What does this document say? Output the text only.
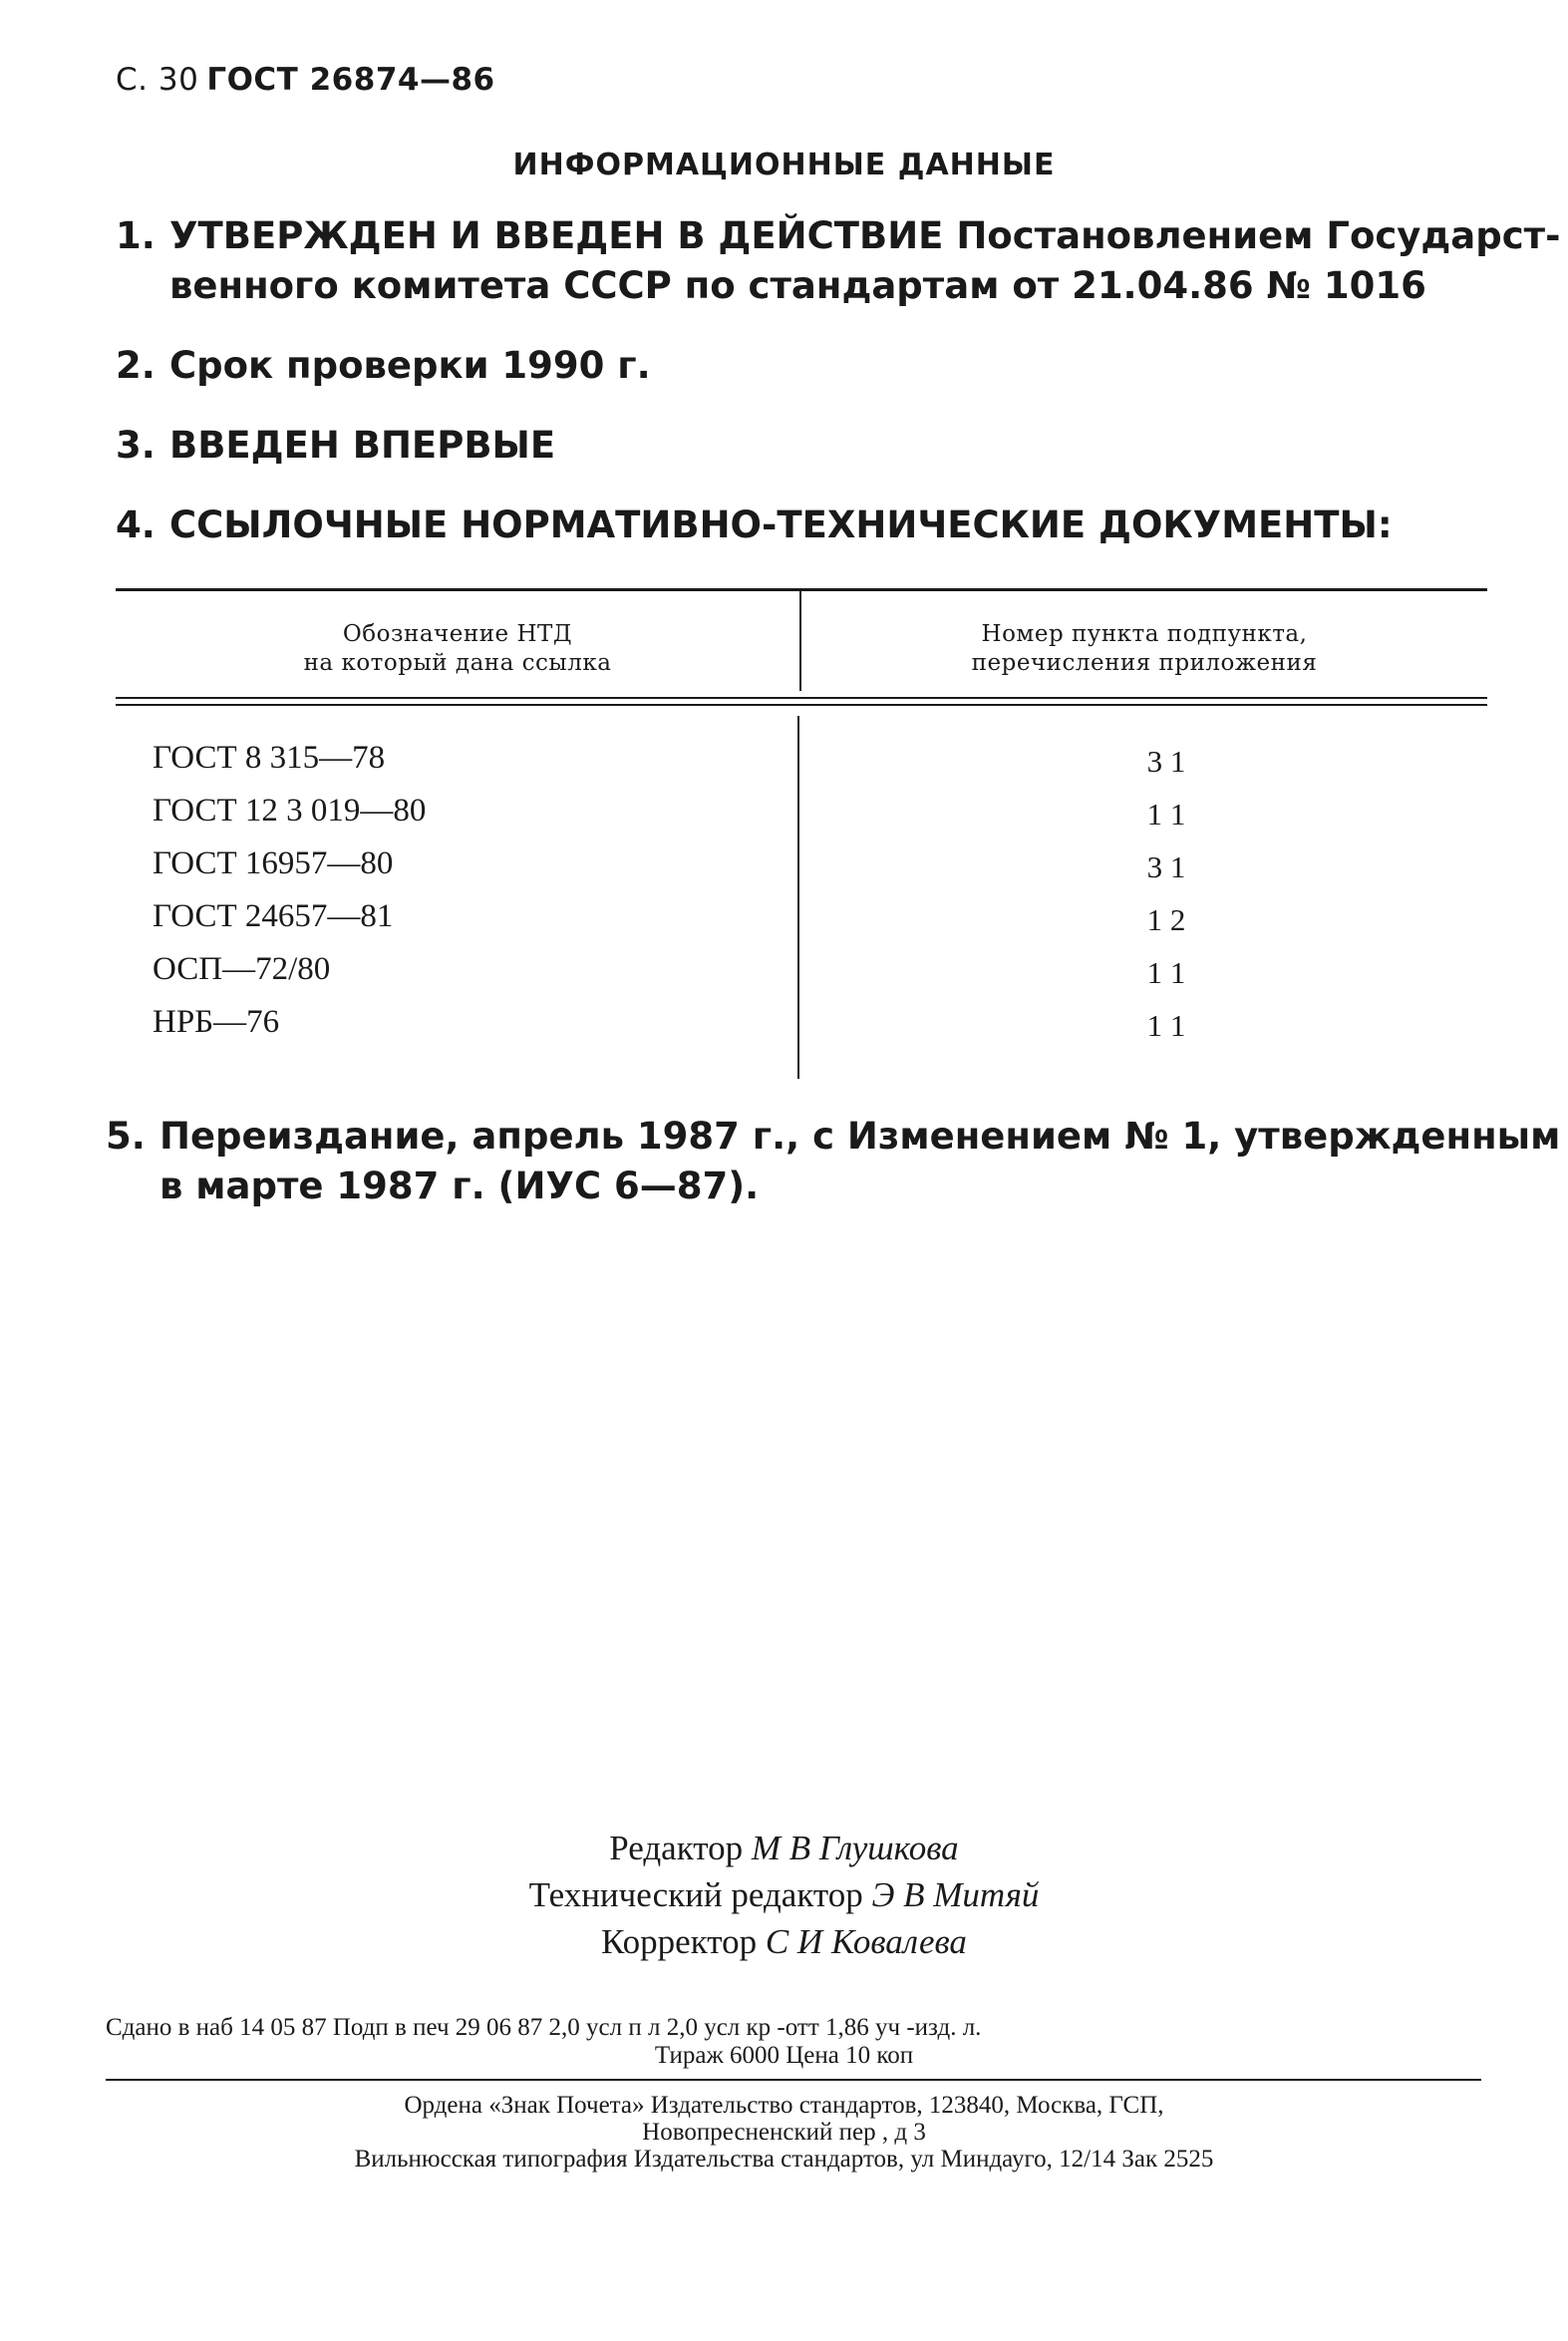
С. 30 ГОСТ 26874—86
ИНФОРМАЦИОННЫЕ ДАННЫЕ
1. УТВЕРЖДЕН И ВВЕДЕН В ДЕЙСТВИЕ Постановлением Государст-
венного комитета СССР по стандартам от 21.04.86 № 1016
2. Срок проверки 1990 г.
3. ВВЕДЕН ВПЕРВЫЕ
4. ССЫЛОЧНЫЕ НОРМАТИВНО-ТЕХНИЧЕСКИЕ ДОКУМЕНТЫ:
Обозначение НТД
на который дана ссылка
Номер пункта подпункта,
перечисления приложения
ГОСТ 8 315—78
ГОСТ 12 3 019—80
ГОСТ 16957—80
ГОСТ 24657—81
ОСП—72/80
НРБ—76
3 1
1 1
3 1
1 2
1 1
1 1
5. Переиздание, апрель 1987 г., с Изменением № 1, утвержденным
в марте 1987 г. (ИУС 6—87).
Редактор М В Глушкова
Технический редактор Э В Митяй
Корректор С И Ковалева
Сдано в наб 14 05 87 Подп в печ 29 06 87 2,0 усл п л 2,0 усл кр -отт 1,86 уч -изд. л.
Тираж 6000 Цена 10 коп
Ордена «Знак Почета» Издательство стандартов, 123840, Москва, ГСП,
Новопресненский пер , д 3
Вильнюсская типография Издательства стандартов, ул Миндауго, 12/14 Зак 2525
